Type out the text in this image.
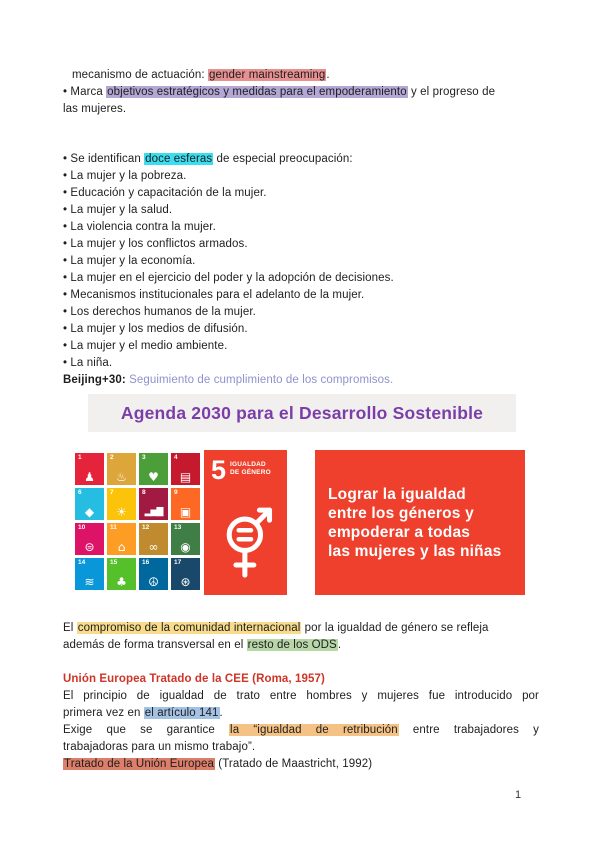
mecanismo de actuación: gender mainstreaming.
• Marca objetivos estratégicos y medidas para el empoderamiento y el progreso de
las mujeres.
• Se identifican doce esferas de especial preocupación:
• La mujer y la pobreza.
• Educación y capacitación de la mujer.
• La mujer y la salud.
• La violencia contra la mujer.
• La mujer y los conflictos armados.
• La mujer y la economía.
• La mujer en el ejercicio del poder y la adopción de decisiones.
• Mecanismos institucionales para el adelanto de la mujer.
• Los derechos humanos de la mujer.
• La mujer y los medios de difusión.
• La mujer y el medio ambiente.
• La niña.
Beijing+30: Seguimiento de cumplimiento de los compromisos.
Agenda 2030 para el Desarrollo Sostenible
1
♟
2
♨
3
♥
4
▤
6
◆
7
☀
8
▂▅▇
9
▣
10
⊜
11
⌂
12
∞
13
◉
14
≋
15
♣
16
☮
17
⊛
5 IGUALDAD
DE GÉNERO
Lograr la igualdad
entre los géneros y
empoderar a todas
las mujeres y las niñas
El compromiso de la comunidad internacional por la igualdad de género se refleja
además de forma transversal en el resto de los ODS.
Unión Europea Tratado de la CEE (Roma, 1957)
El principio de igualdad de trato entre hombres y mujeres fue introducido por
primera vez en el artículo 141.
Exige que se garantice la “igualdad de retribución entre trabajadores y
trabajadoras para un mismo trabajo”.
Tratado de la Unión Europea (Tratado de Maastricht, 1992)
1
